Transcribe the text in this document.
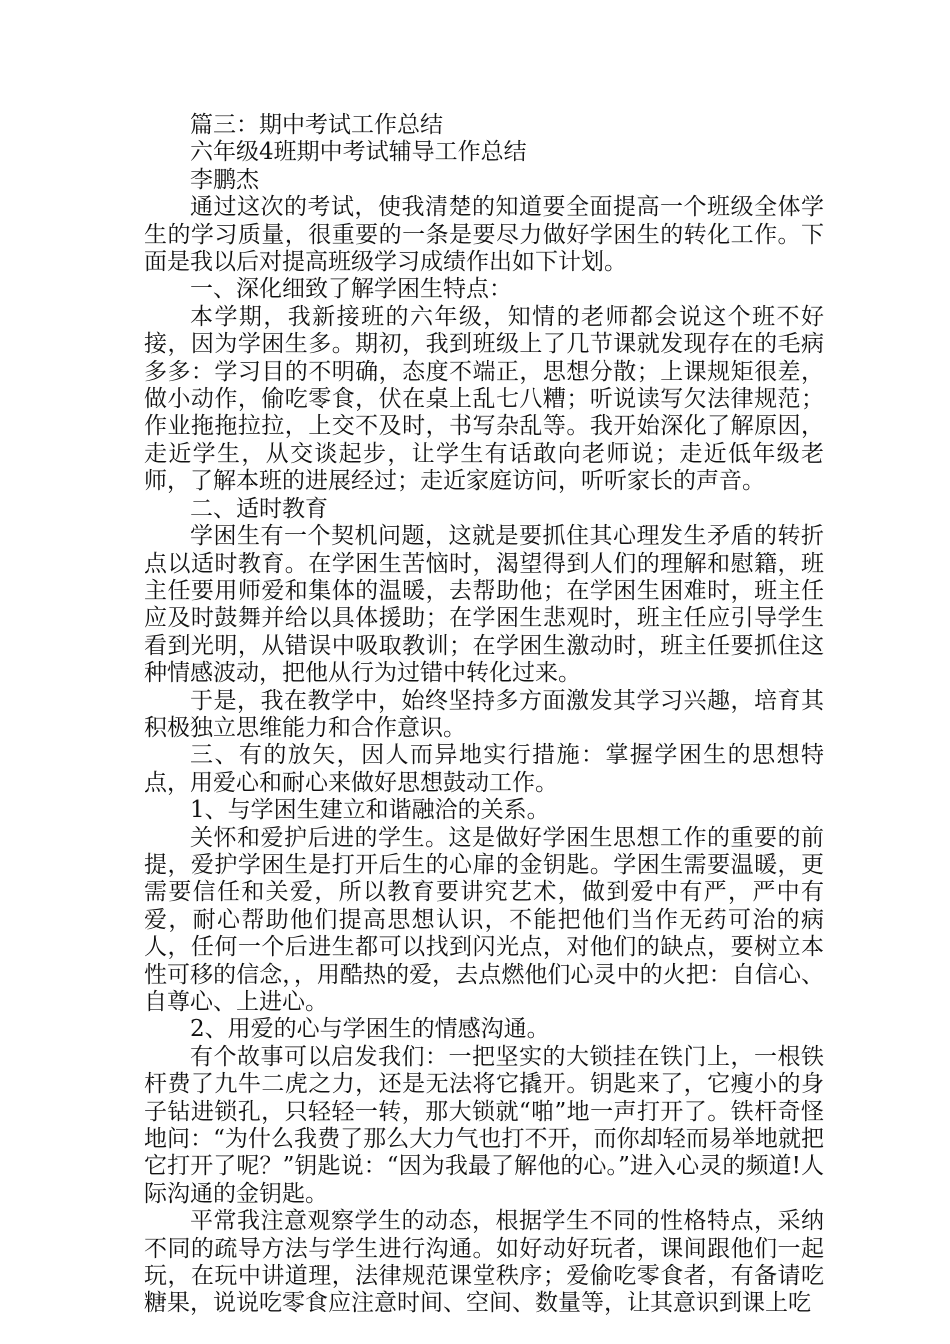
篇三：期中考试工作总结

六年级4班期中考试辅导工作总结

李鹏杰

通过这次的考试，使我清楚的知道要全面提高一个班级全体学生的学习质量，很重要的一条是要尽力做好学困生的转化工作。下面是我以后对提高班级学习成绩作出如下计划。

一、深化细致了解学困生特点：

本学期，我新接班的六年级，知情的老师都会说这个班不好接，因为学困生多。期初，我到班级上了几节课就发现存在的毛病多多：学习目的不明确，态度不端正，思想分散；上课规矩很差，做小动作，偷吃零食，伏在桌上乱七八糟；听说读写欠法律规范；作业拖拖拉拉，上交不及时，书写杂乱等。我开始深化了解原因，走近学生，从交谈起步，让学生有话敢向老师说；走近低年级老师，了解本班的进展经过；走近家庭访问，听听家长的声音。

二、适时教育

学困生有一个契机问题，这就是要抓住其心理发生矛盾的转折点以适时教育。在学困生苦恼时，渴望得到人们的理解和慰籍，班主任要用师爱和集体的温暖，去帮助他；在学困生困难时，班主任应及时鼓舞并给以具体援助；在学困生悲观时，班主任应引导学生看到光明，从错误中吸取教训；在学困生激动时，班主任要抓住这种情感波动，把他从行为过错中转化过来。

于是，我在教学中，始终坚持多方面激发其学习兴趣，培育其积极独立思维能力和合作意识。

三、有的放矢，因人而异地实行措施：掌握学困生的思想特点，用爱心和耐心来做好思想鼓动工作。

1、与学困生建立和谐融洽的关系。

关怀和爱护后进的学生。这是做好学困生思想工作的重要的前提，爱护学困生是打开后生的心扉的金钥匙。学困生需要温暖，更需要信任和关爱，所以教育要讲究艺术，做到爱中有严，严中有爱，耐心帮助他们提高思想认识，不能把他们当作无药可治的病人，任何一个后进生都可以找到闪光点，对他们的缺点，要树立本性可移的信念，，用酷热的爱，去点燃他们心灵中的火把：自信心、自尊心、上进心。

2、用爱的心与学困生的情感沟通。

有个故事可以启发我们：一把坚实的大锁挂在铁门上，一根铁杆费了九牛二虎之力，还是无法将它撬开。钥匙来了，它瘦小的身子钻进锁孔，只轻轻一转，那大锁就“啪”地一声打开了。铁杆奇怪地问：“为什么我费了那么大力气也打不开，而你却轻而易举地就把它打开了呢？”钥匙说：“因为我最了解他的心。”进入心灵的频道!人际沟通的金钥匙。

平常我注意观察学生的动态，根据学生不同的性格特点，采纳不同的疏导方法与学生进行沟通。如好动好玩者，课间跟他们一起玩，在玩中讲道理，法律规范课堂秩序；爱偷吃零食者，有备请吃糖果，说说吃零食应注意时间、空间、数量等，让其意识到课上吃
